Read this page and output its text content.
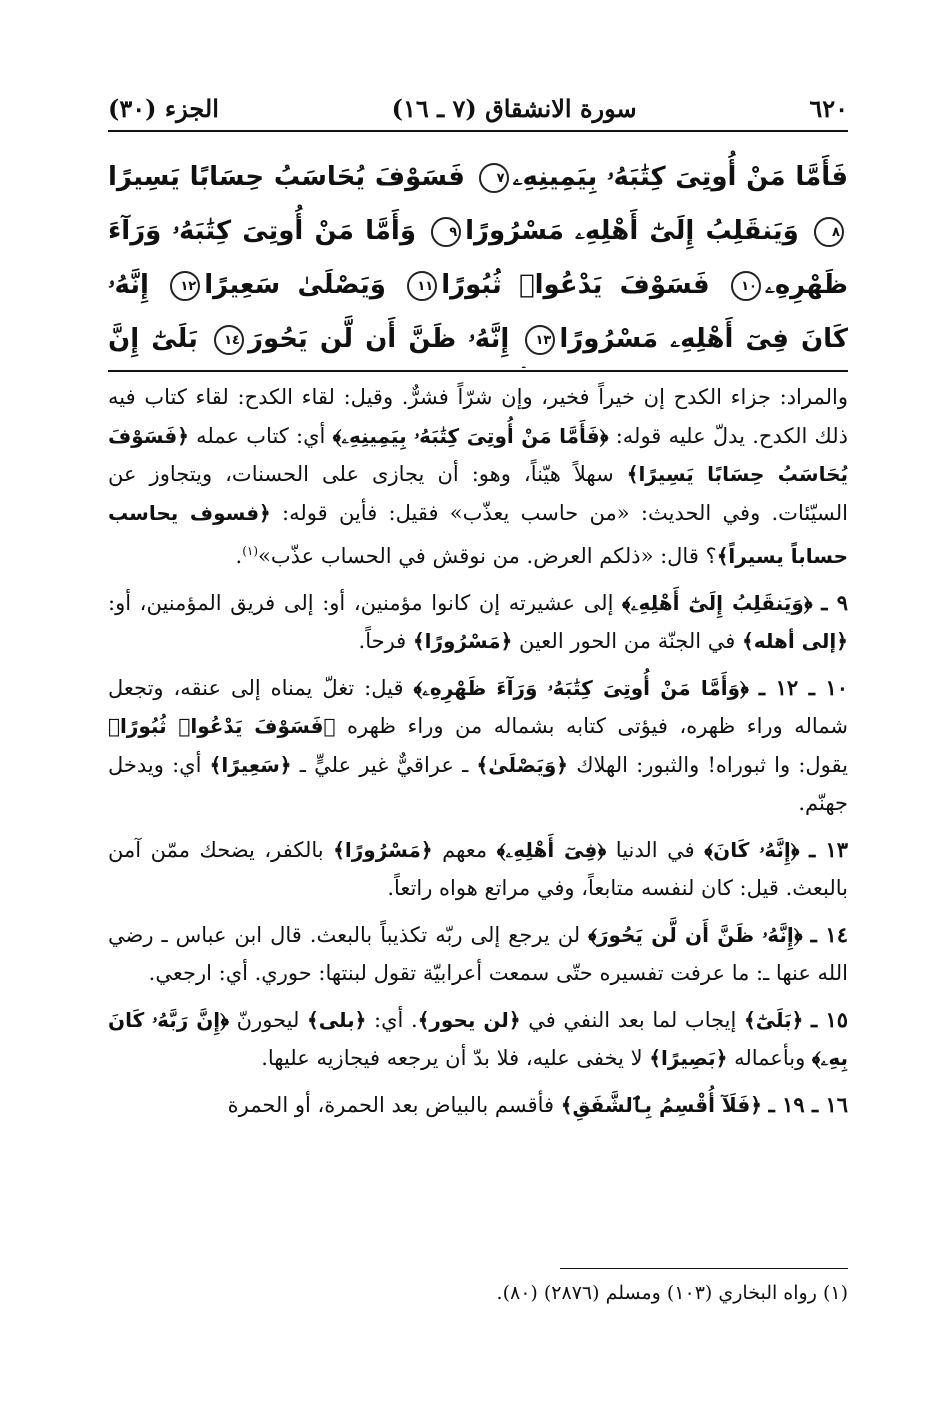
٦٢٠
سورة الانشقاق (٧ ـ ١٦)
الجزء (٣٠)
فَأَمَّا مَنْ أُوتِىَ كِتَٰبَهُۥ بِيَمِينِهِۦ٧ فَسَوْفَ يُحَاسَبُ حِسَابًا يَسِيرًا٨ وَيَنقَلِبُ إِلَىٰٓ أَهْلِهِۦ مَسْرُورًا٩ وَأَمَّا مَنْ أُوتِىَ كِتَٰبَهُۥ وَرَآءَ ظَهْرِهِۦ١٠ فَسَوْفَ يَدْعُوا۟ ثُبُورًا١١ وَيَصْلَىٰ سَعِيرًا١٢ إِنَّهُۥ كَانَ فِىٓ أَهْلِهِۦ مَسْرُورًا١٣ إِنَّهُۥ ظَنَّ أَن لَّن يَحُورَ١٤ بَلَىٰٓ إِنَّ

والمراد: جزاء الكدح إن خيراً فخير، وإن شرّاً فشرٌّ. وقيل: لقاء الكدح: لقاء كتاب فيه ذلك الكدح. يدلّ عليه قوله: ﴿فَأَمَّا مَنْ أُوتِىَ كِتَٰبَهُۥ بِيَمِينِهِۦ﴾ أي: كتاب عمله ﴿فَسَوْفَ يُحَاسَبُ حِسَابًا يَسِيرًا﴾ سهلاً هيّناً، وهو: أن يجازى على الحسنات، ويتجاوز عن السيّئات. وفي الحديث: «من حاسب يعذّب» فقيل: فأين قوله: ﴿فسوف يحاسب حساباً يسيراً﴾؟ قال: «ذلكم العرض. من نوقش في الحساب عذّب»$^{(١)}$.

٩ ـ ﴿وَيَنقَلِبُ إِلَىٰٓ أَهْلِهِۦ﴾ إلى عشيرته إن كانوا مؤمنين، أو: إلى فريق المؤمنين، أو: ﴿إلى أهله﴾ في الجنّة من الحور العين ﴿مَسْرُورًا﴾ فرحاً.

١٠ ـ ١٢ ـ ﴿وَأَمَّا مَنْ أُوتِىَ كِتَٰبَهُۥ وَرَآءَ ظَهْرِهِۦ﴾ قيل: تغلّ يمناه إلى عنقه، وتجعل شماله وراء ظهره، فيؤتى كتابه بشماله من وراء ظهره ﴿فَسَوْفَ يَدْعُوا۟ ثُبُورًا﴾ يقول: وا ثبوراه! والثبور: الهلاك ﴿وَيَصْلَىٰ﴾ ـ عراقيٌّ غير عليٍّ ـ ﴿سَعِيرًا﴾ أي: ويدخل جهنّم.

١٣ ـ ﴿إِنَّهُۥ كَانَ﴾ في الدنيا ﴿فِىٓ أَهْلِهِۦ﴾ معهم ﴿مَسْرُورًا﴾ بالكفر، يضحك ممّن آمن بالبعث. قيل: كان لنفسه متابعاً، وفي مراتع هواه راتعاً.

١٤ ـ ﴿إِنَّهُۥ ظَنَّ أَن لَّن يَحُورَ﴾ لن يرجع إلى ربّه تكذيباً بالبعث. قال ابن عباس ـ رضي الله عنها ـ: ما عرفت تفسيره حتّى سمعت أعرابيّة تقول لبنتها: حوري. أي: ارجعي.

١٥ ـ ﴿بَلَىٰٓ﴾ إيجاب لما بعد النفي في ﴿لن يحور﴾. أي: ﴿بلى﴾ ليحورنّ ﴿إِنَّ رَبَّهُۥ كَانَ بِهِۦ﴾ وبأعماله ﴿بَصِيرًا﴾ لا يخفى عليه، فلا بدّ أن يرجعه فيجازيه عليها.

١٦ ـ ١٩ ـ ﴿فَلَآ أُقْسِمُ بِٱلشَّفَقِ﴾ فأقسم بالبياض بعد الحمرة، أو الحمرة

(١) رواه البخاري (١٠٣) ومسلم (٢٨٧٦) (٨٠).
